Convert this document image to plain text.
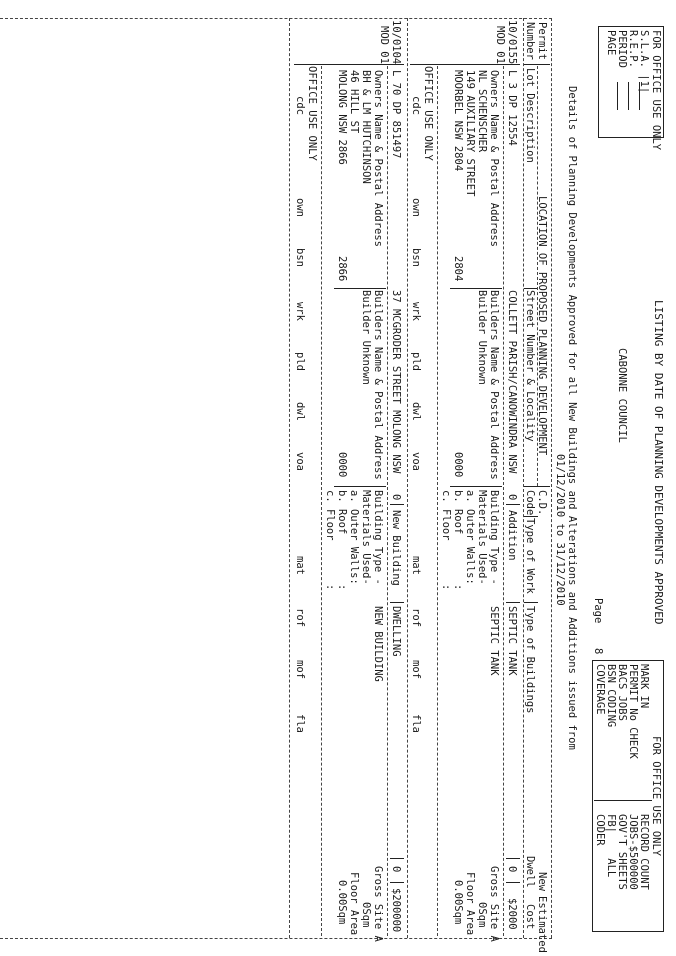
FOR OFFICE USE ONLY
S.L.A. |1|
R.E.P.
PERIOD
PAGE
LISTING BY DATE OF PLANNING DEVELOPMENTS APPROVED
CABONNE COUNCIL
Page
8
FOR OFFICE USE ONLY
MARK IN
PERMIT No CHECK
BACS JOBS
BSN CODING
COVERAGE
RECORD COUNT
JOBS-$500000
GOV'T SHEETS
FB|    ALL
CODER
Details of Planning Developments Approved for all New Buildings and Alterations and Additions issued from
01/12/2010 to 31/12/2010
Permit
Number
LOCATION OF PROPOSED PLANNING DEVELOPMENT
Lot Description
Street Number & Locality
C.D.
Code
Type of Work
Type of Buildings
New
Estimated
Dwell
Cost
10/0155
MOD 01
L 3 DP 12554
COLLETT PARISH/CANOWINDRA NSW
0
Addition
SEPTIC TANK
0
$2000
Owners Name & Postal Address
NL SCHENSCHER
149 AUXILIARY STREET
MOORBEL NSW 2804
2804
Builders Name & Postal Address
Builder Unknown
0000
Building Type -
SEPTIC TANK
Materials Used-
a. Outer Walls:
b. Roof
:
c. Floor
:
Gross Site A
0Sqm
Floor Area
0.00Sqm
OFFICE USE ONLY
cdc
own
bsn
wrk
pld
dwl
voa
mat
rof
mof
fla
10/0104
MOD 01
L 70 DP 851497
37 MCGRODER STREET MOLONG NSW
0
New Building
DWELLING
0
$200000
Owners Name & Postal Address
BH & LM HUTCHINSON
46 HILL ST
MOLONG NSW 2866
2866
Builders Name & Postal Address
Builder Unknown
0000
Building Type -
NEW BUILDING
Materials Used-
a. Outer Walls:
b. Roof
:
c. Floor
:
Gross Site A
0Sqm
Floor Area
0.00Sqm
OFFICE USE ONLY
cdc
own
bsn
wrk
pld
dwl
voa
mat
rof
mof
fla
